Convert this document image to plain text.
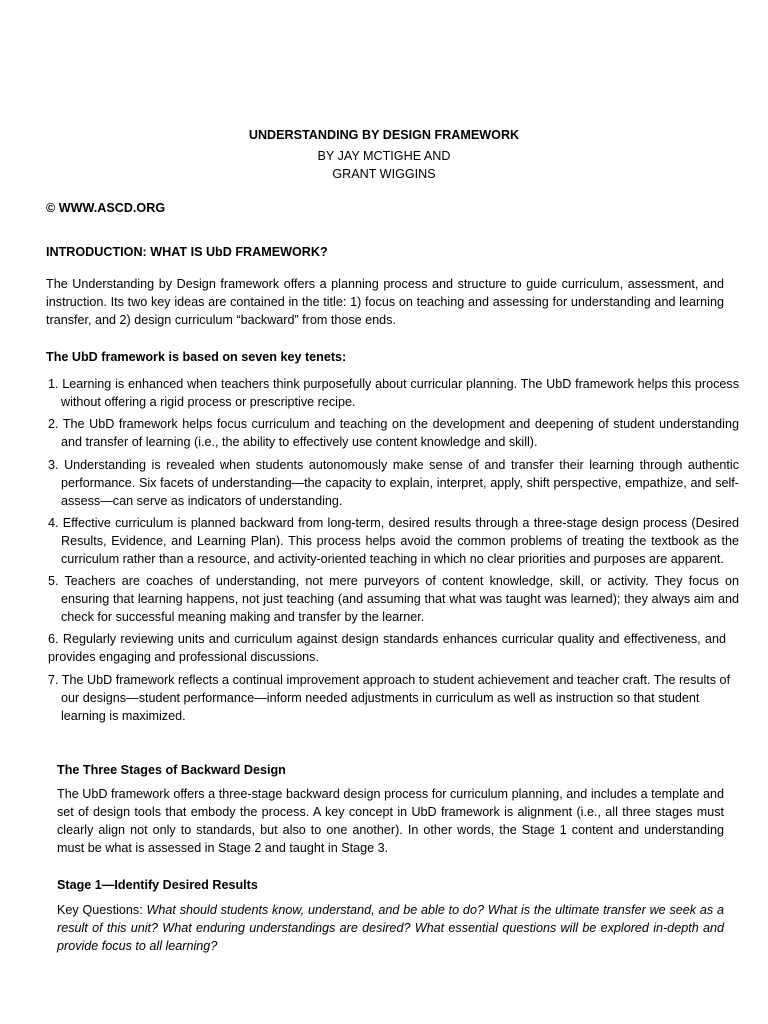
UNDERSTANDING BY DESIGN FRAMEWORK
BY JAY MCTIGHE AND
GRANT WIGGINS
© WWW.ASCD.ORG
INTRODUCTION: WHAT IS UbD FRAMEWORK?

The Understanding by Design framework offers a planning process and structure to guide curriculum, assessment, and instruction. Its two key ideas are contained in the title: 1) focus on teaching and assessing for understanding and learning transfer, and 2) design curriculum “backward” from those ends.

The UbD framework is based on seven key tenets:
1. Learning is enhanced when teachers think purposefully about curricular planning. The UbD framework helps this process without offering a rigid process or prescriptive recipe.
2. The UbD framework helps focus curriculum and teaching on the development and deepening of student understanding and transfer of learning (i.e., the ability to effectively use content knowledge and skill).
3. Understanding is revealed when students autonomously make sense of and transfer their learning through authentic performance. Six facets of understanding—the capacity to explain, interpret, apply, shift perspective, empathize, and self-assess—can serve as indicators of understanding.
4. Effective curriculum is planned backward from long-term, desired results through a three-stage design process (Desired Results, Evidence, and Learning Plan). This process helps avoid the common problems of treating the textbook as the curriculum rather than a resource, and activity-oriented teaching in which no clear priorities and purposes are apparent.
5. Teachers are coaches of understanding, not mere purveyors of content knowledge, skill, or activity. They focus on ensuring that learning happens, not just teaching (and assuming that what was taught was learned); they always aim and check for successful meaning making and transfer by the learner.
6. Regularly reviewing units and curriculum against design standards enhances curricular quality and effectiveness, and provides engaging and professional discussions.
7. The UbD framework reflects a continual improvement approach to student achievement and teacher craft. The results of our designs—student performance—inform needed adjustments in curriculum as well as instruction so that student learning is maximized.
The Three Stages of Backward Design

The UbD framework offers a three-stage backward design process for curriculum planning, and includes a template and set of design tools that embody the process. A key concept in UbD framework is alignment (i.e., all three stages must clearly align not only to standards, but also to one another). In other words, the Stage 1 content and understanding must be what is assessed in Stage 2 and taught in Stage 3.

Stage 1—Identify Desired Results

Key Questions: What should students know, understand, and be able to do? What is the ultimate transfer we seek as a result of this unit? What enduring understandings are desired? What essential questions will be explored in-depth and provide focus to all learning?
